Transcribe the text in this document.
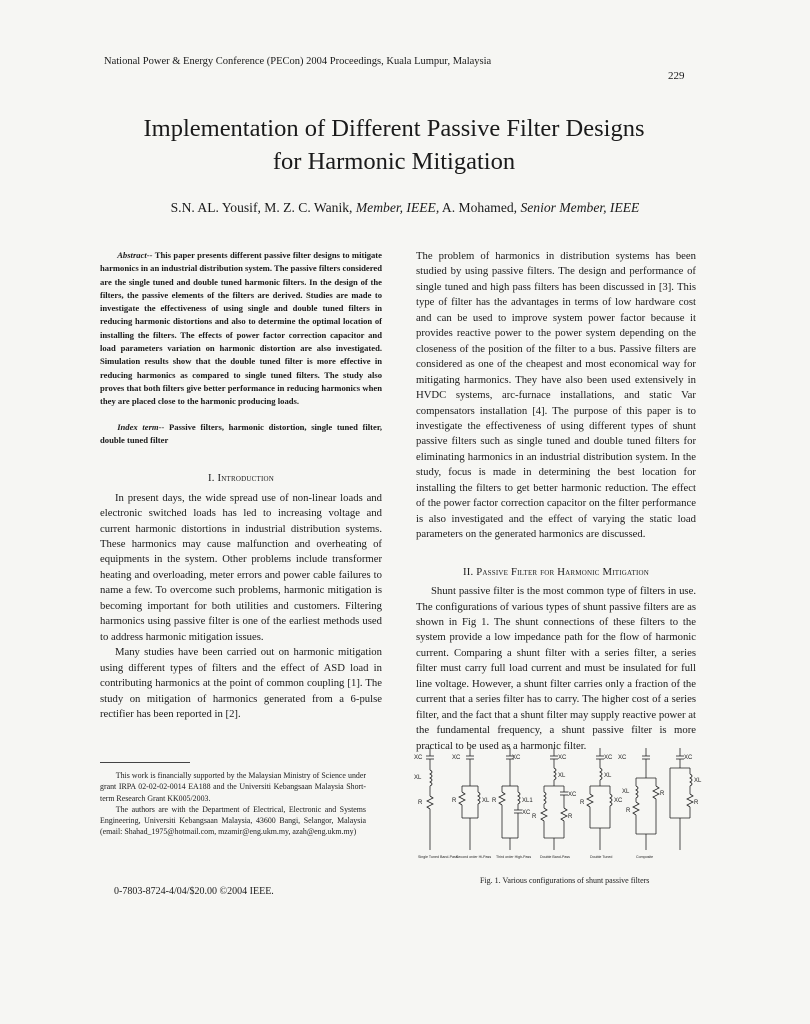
National Power & Energy Conference (PECon) 2004 Proceedings, Kuala Lumpur, Malaysia
229
Implementation of Different Passive Filter Designs
for Harmonic Mitigation
S.N. AL. Yousif, M. Z. C. Wanik, Member, IEEE, A. Mohamed, Senior Member, IEEE

Abstract-- This paper presents different passive filter designs to mitigate harmonics in an industrial distribution system. The passive filters considered are the single tuned and double tuned harmonic filters. In the design of the filters, the passive elements of the filters are derived. Studies are made to investigate the effectiveness of using single and double tuned filters in reducing harmonic distortions and also to determine the optimal location of installing the filters. The effects of power factor correction capacitor and load parameters variation on harmonic distortion are also investigated. Simulation results show that the double tuned filter is more effective in reducing harmonics as compared to single tuned filters. The study also proves that both filters give better performance in reducing harmonics when they are placed close to the harmonic producing loads.

Index term-- Passive filters, harmonic distortion, single tuned filter, double tuned filter

I. Introduction

In present days, the wide spread use of non-linear loads and electronic switched loads has led to increasing voltage and current harmonic distortions in industrial distribution systems. These harmonics may cause malfunction and overheating of equipments in the system. Other problems include transformer heating and overloading, meter errors and power cable failures to name a few. To overcome such problems, harmonic mitigation is becoming important for both utilities and customers. Filtering harmonics using passive filter is one of the earliest methods used to address harmonic mitigation issues.

Many studies have been carried out on harmonic mitigation using different types of filters and the effect of ASD load in contributing harmonics at the point of common coupling [1]. The study on mitigation of harmonics generated from a 6-pulse rectifier has been reported in [2].

This work is financially supported by the Malaysian Ministry of Science under grant IRPA 02-02-02-0014 EA188 and the Universiti Kebangsaan Malaysia Short-term Research Grant KK005/2003.

The authors are with the Department of Electrical, Electronic and Systems Engineering, Universiti Kebangsaan Malaysia, 43600 Bangi, Selangor, Malaysia (email: Shahad_1975@hotmail.com, mzamir@eng.ukm.my, azah@eng.ukm.my)

0-7803-8724-4/04/$20.00 ©2004 IEEE.

The problem of harmonics in distribution systems has been studied by using passive filters. The design and performance of single tuned and high pass filters has been discussed in [3]. This type of filter has the advantages in terms of low hardware cost and can be used to improve system power factor because it provides reactive power to the power system depending on the closeness of the position of the filter to a bus. Passive filters are considered as one of the cheapest and most economical way for mitigating harmonics. They have also been used extensively in HVDC systems, arc-furnace installations, and static Var compensators installation [4]. The purpose of this paper is to investigate the effectiveness of using different types of shunt passive filters such as single tuned and double tuned filters for eliminating harmonics in an industrial distribution system. In the study, focus is made in determining the best location for installing the filters to get better harmonic reduction. The effect of the power factor correction capacitor on the filter performance is also investigated and the effect of varying the static load parameters on the generated harmonics are discussed.

II. Passive Filter for Harmonic Mitigation

Shunt passive filter is the most common type of filters in use. The configurations of various types of shunt passive filters are as shown in Fig 1. The shunt connections of these filters to the system provide a low impedance path for the flow of harmonic current. Comparing a shunt filter with a series filter, a series filter must carry full load current and must be insulated for full line voltage. However, a shunt filter carries only a fraction of the current that a series filter has to carry. The higher cost of a series filter, and the fact that a shunt filter may supply reactive power at the fundamental frequency, a shunt passive filter is more practical to be used as a harmonic filter.

XC
XL
R
XC
R	XL
XC
R	XL1
XC
XC
XL
R
XC
R
XC
XL
R	XC
XC
XL
R
R
XC
XL
R
Single Tuned Band-Pass
Second order Hi-Pass Third order High-Pass Double Band-Pass	Double Tuned	Composite
Fig. 1. Various configurations of shunt passive filters
